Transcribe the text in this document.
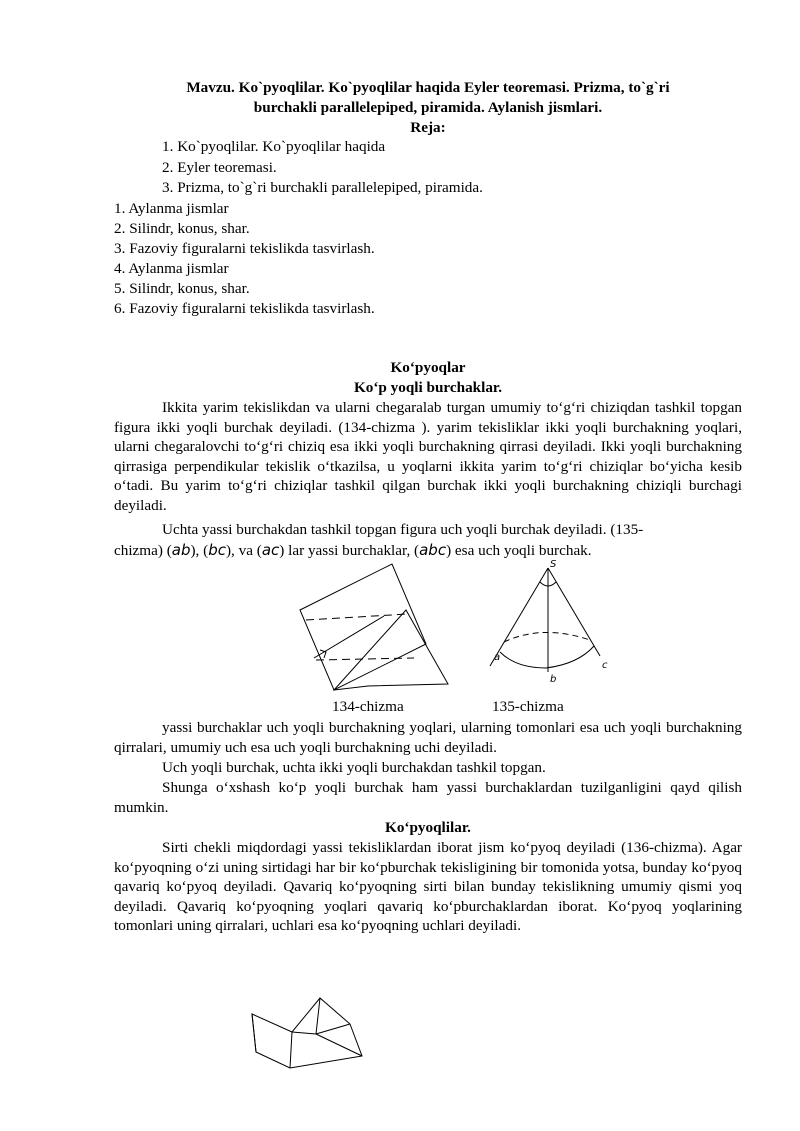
Mavzu. Ko`pyoqlilar. Ko`pyoqlilar haqida Eyler teoremasi. Prizma, to`g`ri
burchakli parallelepiped, piramida. Aylanish jismlari.
Reja:
1. Ko`pyoqlilar. Ko`pyoqlilar haqida
2. Eyler teoremasi.
3. Prizma, to`g`ri burchakli parallelepiped, piramida.
1. Aylanma jismlar
2. Silindr, konus, shar.
3. Fazoviy figuralarni tekislikda tasvirlash.
4. Aylanma jismlar
5. Silindr, konus, shar.
6. Fazoviy figuralarni tekislikda tasvirlash.
Ko‘pyoqlar
Ko‘p yoqli burchaklar.

Ikkita yarim tekislikdan va ularni chegaralab turgan umumiy to‘g‘ri chiziqdan tashkil topgan figura ikki yoqli burchak deyiladi. (134-chizma ). yarim tekisliklar ikki yoqli burchakning yoqlari, ularni chegaralovchi to‘g‘ri chiziq esa ikki yoqli burchakning qirrasi deyiladi. Ikki yoqli burchakning qirrasiga perpendikular tekislik o‘tkazilsa, u yoqlarni ikkita yarim to‘g‘ri chiziqlar bo‘yicha kesib o‘tadi. Bu yarim to‘g‘ri chiziqlar tashkil qilgan burchak ikki yoqli burchakning chiziqli burchagi deyiladi.

Uchta yassi burchakdan tashkil topgan figura uch yoqli burchak deyiladi. (135-

chizma) (ab), (bc), va (ac) lar yassi burchaklar, (abc) esa uch yoqli burchak.
S
a
b
c
134-chizma	135-chizma

yassi burchaklar uch yoqli burchakning yoqlari, ularning tomonlari esa uch yoqli burchakning qirralari, umumiy uch esa uch yoqli burchakning uchi deyiladi.

Uch yoqli burchak, uchta ikki yoqli burchakdan tashkil topgan.

Shunga o‘xshash ko‘p yoqli burchak ham yassi burchaklardan tuzilganligini qayd qilish mumkin.

Ko‘pyoqlilar.

Sirti chekli miqdordagi yassi tekisliklardan iborat jism ko‘pyoq deyiladi (136-chizma). Agar ko‘pyoqning o‘zi uning sirtidagi har bir ko‘pburchak tekisligining bir tomonida yotsa, bunday ko‘pyoq qavariq ko‘pyoq deyiladi. Qavariq ko‘pyoqning sirti bilan bunday tekislikning umumiy qismi yoq deyiladi. Qavariq ko‘pyoqning yoqlari qavariq ko‘pburchaklardan iborat. Ko‘pyoq yoqlarining tomonlari uning qirralari, uchlari esa ko‘pyoqning uchlari deyiladi.
